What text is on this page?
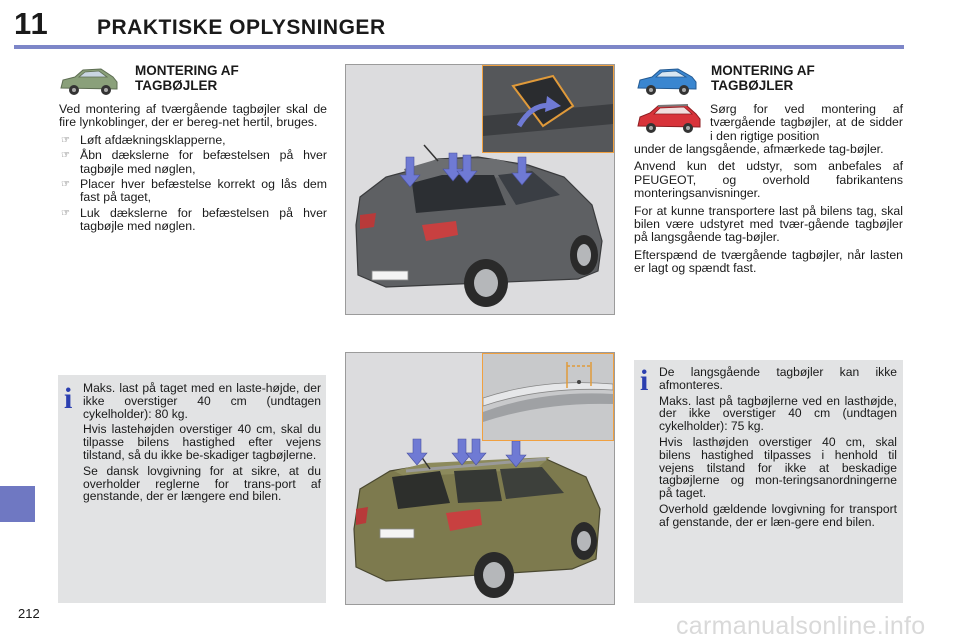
11 PRAKTISKE OPLYSNINGER
MONTERING AF
TAGBØJLER

Ved montering af tværgående tagbøjler skal de fire lynkoblinger, der er bereg-net hertil, bruges.

☞ Løft afdækningsklapperne,
☞ Åbn dækslerne for befæstelsen på hver tagbøjle med nøglen,
☞ Placer hver befæstelse korrekt og lås dem fast på taget,
☞ Luk dækslerne for befæstelsen på hver tagbøjle med nøglen.
MONTERING AF
TAGBØJLER
Sørg for ved montering af tværgående tagbøjler, at de sidder i den rigtige position

under de langsgående, afmærkede tag-bøjler.

Anvend kun det udstyr, som anbefales af PEUGEOT, og overhold fabrikantens monteringsanvisninger.

For at kunne transportere last på bilens tag, skal bilen være udstyret med tvær-gående tagbøjler på langsgående tag-bøjler.

Efterspænd de tværgående tagbøjler, når lasten er lagt og spændt fast.

i Maks. last på taget med en laste-højde, der ikke overstiger 40 cm (undtagen cykelholder): 80 kg.

Hvis lastehøjden overstiger 40 cm, skal du tilpasse bilens hastighed efter vejens tilstand, så du ikke be-skadiger tagbøjlerne.

Se dansk lovgivning for at sikre, at du overholder reglerne for trans-port af genstande, der er længere end bilen.

i De langsgående tagbøjler kan ikke afmonteres.

Maks. last på tagbøjlerne ved en lasthøjde, der ikke overstiger 40 cm (undtagen cykelholder): 75 kg.

Hvis lasthøjden overstiger 40 cm, skal bilens hastighed tilpasses i henhold til vejens tilstand for ikke at beskadige tagbøjlerne og mon-teringsanordningerne på taget.

Overhold gældende lovgivning for transport af genstande, der er læn-gere end bilen.

212	carmanualsonline.info
